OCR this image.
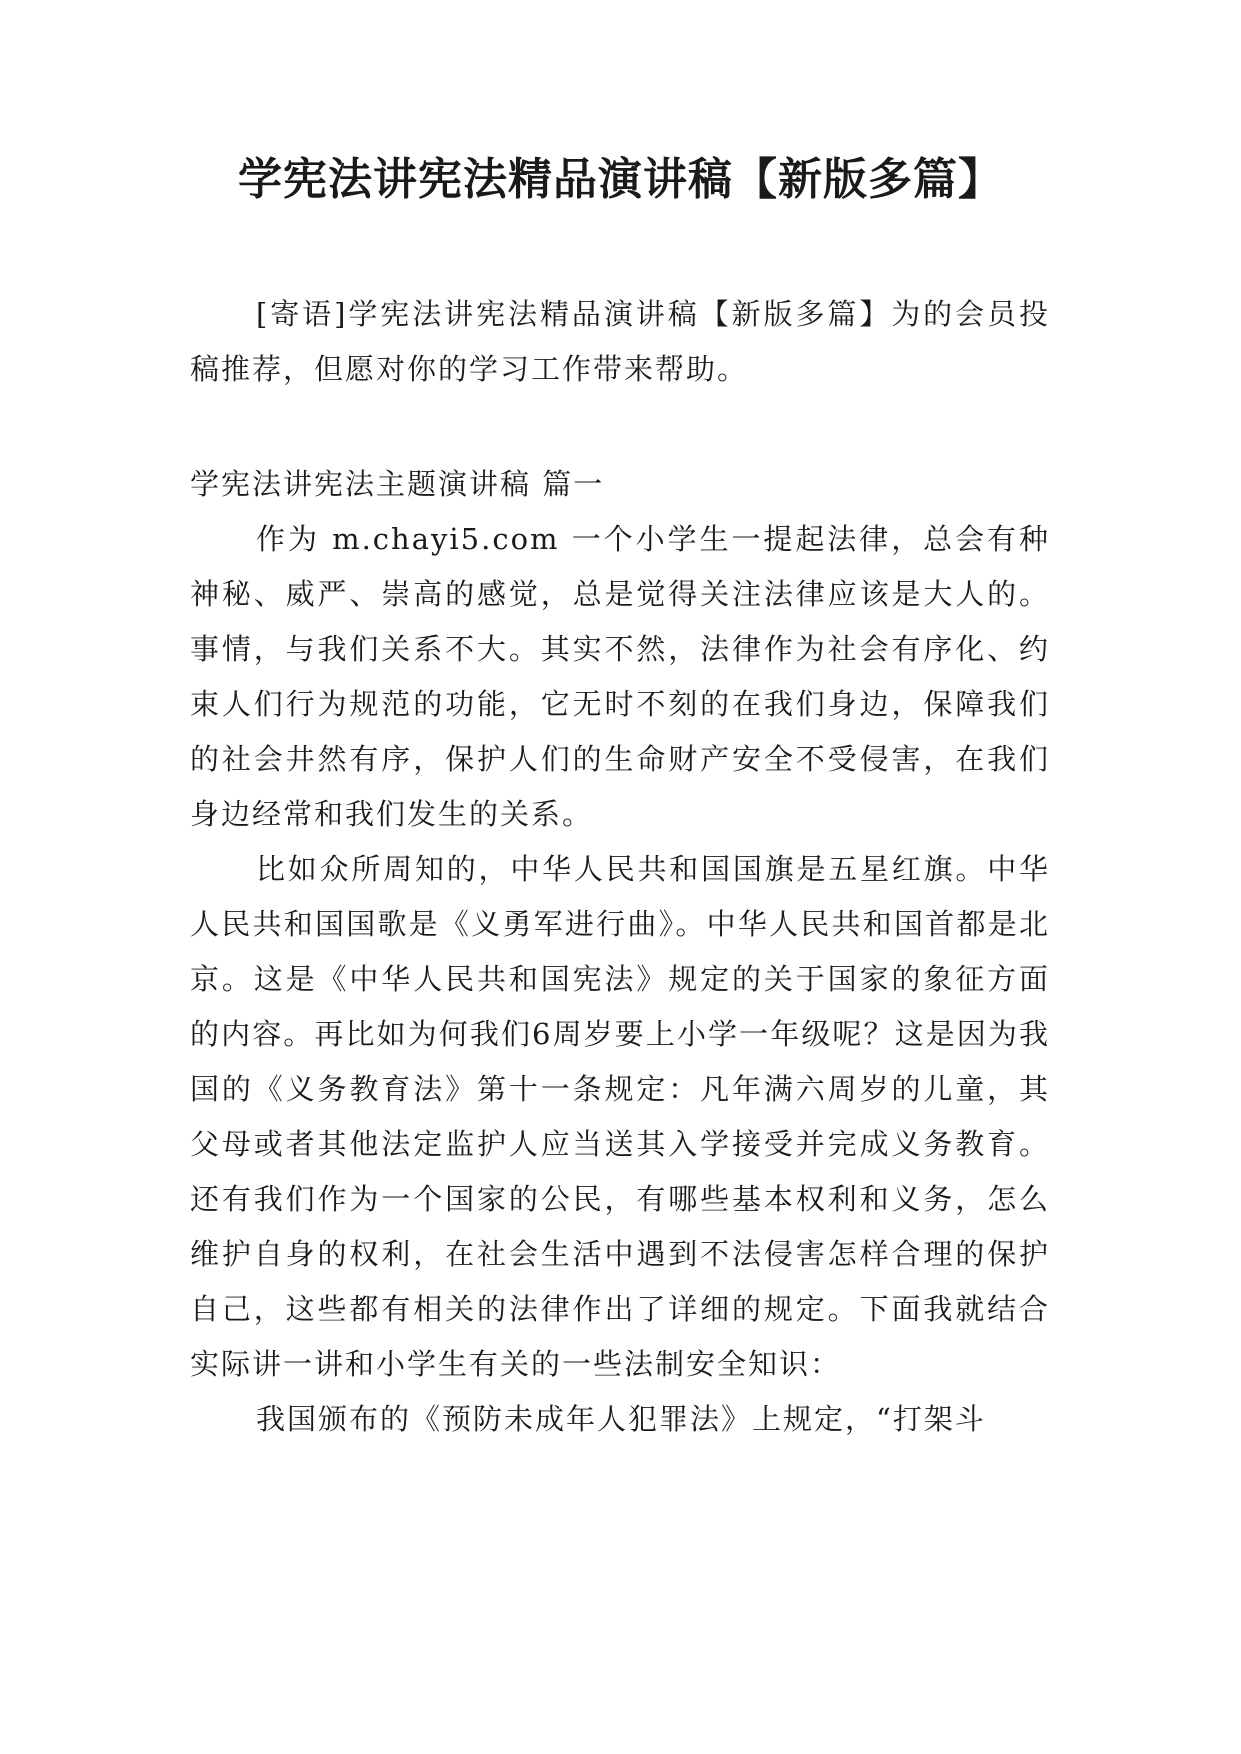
学宪法讲宪法精品演讲稿【新版多篇】

[寄语]学宪法讲宪法精品演讲稿【新版多篇】为的会员投稿推荐，但愿对你的学习工作带来帮助。

学宪法讲宪法主题演讲稿 篇一

作为 m.chayi5.com 一个小学生一提起法律，总会有种神秘、威严、崇高的感觉，总是觉得关注法律应该是大人的。事情，与我们关系不大。其实不然，法律作为社会有序化、约束人们行为规范的功能，它无时不刻的在我们身边，保障我们的社会井然有序，保护人们的生命财产安全不受侵害，在我们身边经常和我们发生的关系。

比如众所周知的，中华人民共和国国旗是五星红旗。中华人民共和国国歌是《义勇军进行曲》。中华人民共和国首都是北京。这是《中华人民共和国宪法》规定的关于国家的象征方面的内容。再比如为何我们6周岁要上小学一年级呢？这是因为我国的《义务教育法》第十一条规定：凡年满六周岁的儿童，其父母或者其他法定监护人应当送其入学接受并完成义务教育。还有我们作为一个国家的公民，有哪些基本权利和义务，怎么维护自身的权利，在社会生活中遇到不法侵害怎样合理的保护自己，这些都有相关的法律作出了详细的规定。下面我就结合实际讲一讲和小学生有关的一些法制安全知识：

我国颁布的《预防未成年人犯罪法》上规定，“打架斗
